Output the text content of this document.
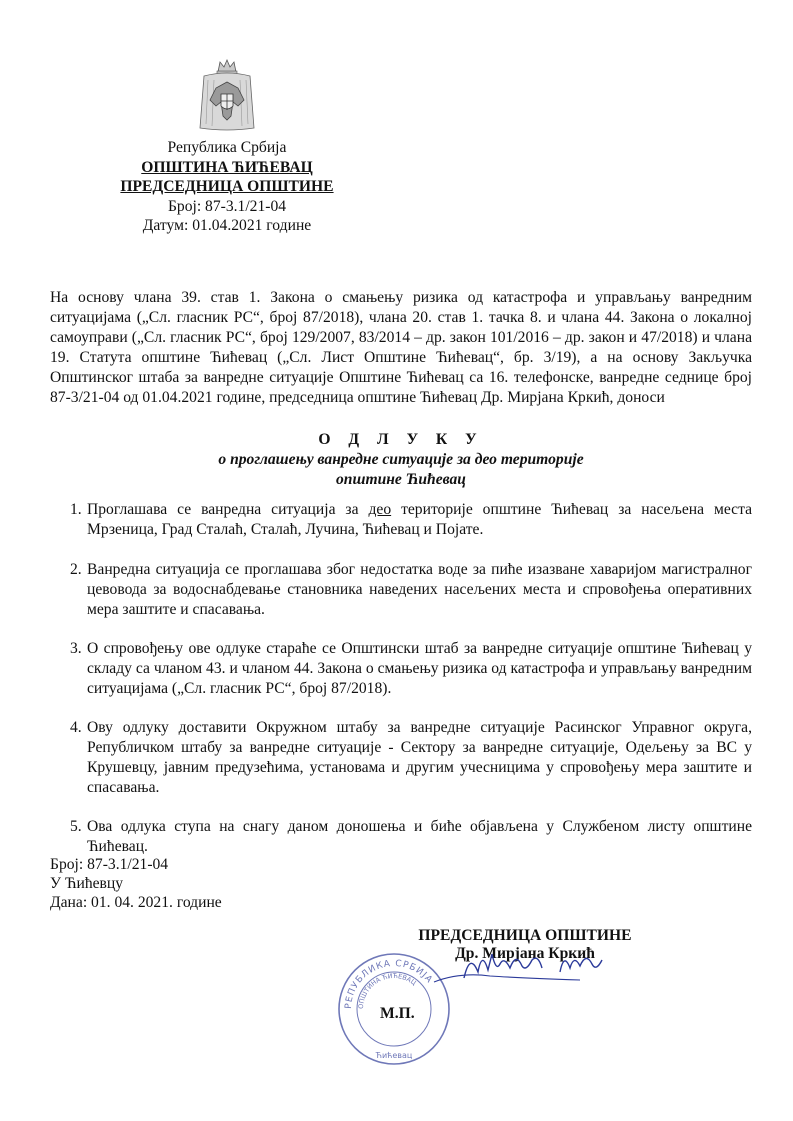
Република Србија
ОПШТИНА ЋИЋЕВАЦ
ПРЕДСЕДНИЦА ОПШТИНЕ
Број: 87-3.1/21-04
Датум: 01.04.2021 године
На основу члана 39. став 1. Закона о смањењу ризика од катастрофа и управљању ванредним ситуацијама („Сл. гласник РС“, број 87/2018), члана 20. став 1. тачка 8. и члана 44. Закона о локалној самоуправи („Сл. гласник РС“, број 129/2007, 83/2014 – др. закон 101/2016 – др. закон и 47/2018) и члана 19. Статута општине Ћићевац („Сл. Лист Општине Ћићевац“, бр. 3/19), а на основу Закључка Општинског штаба за ванредне ситуације Општине Ћићевац са 16. телефонске, ванредне седнице број 87-3/21-04 од 01.04.2021 године, председница општине Ћићевац Др. Мирјана Кркић, доноси
О Д Л У К У
о проглашењу ванредне ситуације за део територије
општине Ћићевац
1. Проглашава се ванредна ситуација за део територије општине Ћићевац за насељена места Мрзеница, Град Сталаћ, Сталаћ, Лучина, Ћићевац и Појате.
2. Ванредна ситуација се проглашава због недостатка воде за пиће изазване хаваријом магистралног цевовода за водоснабдевање становника наведених насељених места и спровођења оперативних мера заштите и спасавања.
3. О спровођењу ове одлуке стараће се Општински штаб за ванредне ситуације општине Ћићевац у складу са чланом 43. и чланом 44. Закона о смањењу ризика од катастрофа и управљању ванредним ситуацијама („Сл. гласник РС“, број 87/2018).
4. Ову одлуку доставити Окружном штабу за ванредне ситуације Расинског Управног округа, Републичком штабу за ванредне ситуације - Сектору за ванредне ситуације, Одељењу за ВС у Крушевцу, јавним предузећима, установама и другим учесницима у спровођењу мера заштите и спасавања.
5. Ова одлука ступа на снагу даном доношења и биће објављена у Службеном листу општине Ћићевац.
Број: 87-3.1/21-04
У Ћићевцу
Дана: 01. 04. 2021. године
РЕПУБЛИКА СРБИЈА
ОПШТИНА ЋИЋЕВАЦ
Ћићевац
ПРЕДСЕДНИЦА ОПШТИНЕ
Др. Мирјана Кркић
М.П.
